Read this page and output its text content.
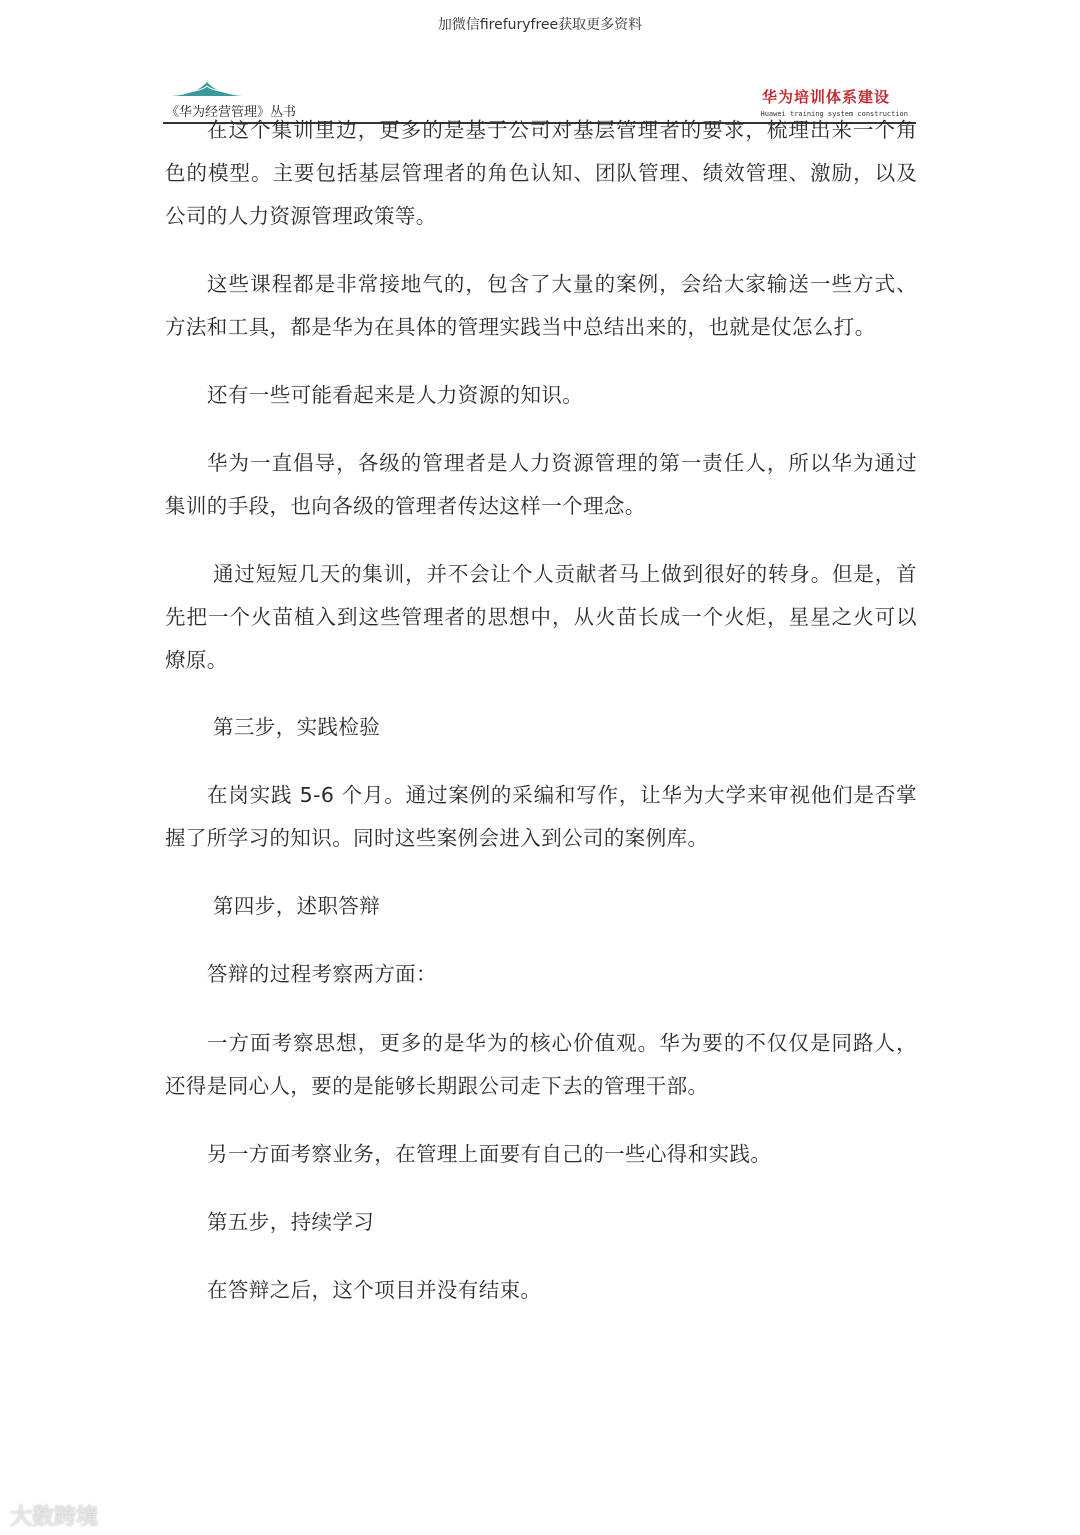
加微信firefuryfree获取更多资料
《华为经营管理》丛书
华为培训体系建设
Huawei training system construction

在这个集训里边，更多的是基于公司对基层管理者的要求，梳理出来一个角色的模型。主要包括基层管理者的角色认知、团队管理、绩效管理、激励，以及公司的人力资源管理政策等。

这些课程都是非常接地气的，包含了大量的案例，会给大家输送一些方式、方法和工具，都是华为在具体的管理实践当中总结出来的，也就是仗怎么打。

还有一些可能看起来是人力资源的知识。

华为一直倡导，各级的管理者是人力资源管理的第一责任人，所以华为通过集训的手段，也向各级的管理者传达这样一个理念。

通过短短几天的集训，并不会让个人贡献者马上做到很好的转身。但是，首先把一个火苗植入到这些管理者的思想中，从火苗长成一个火炬，星星之火可以燎原。

第三步，实践检验

在岗实践 5-6 个月。通过案例的采编和写作，让华为大学来审视他们是否掌握了所学习的知识。同时这些案例会进入到公司的案例库。

第四步，述职答辩

答辩的过程考察两方面：

一方面考察思想，更多的是华为的核心价值观。华为要的不仅仅是同路人，还得是同心人，要的是能够长期跟公司走下去的管理干部。

另一方面考察业务，在管理上面要有自己的一些心得和实践。

第五步，持续学习

在答辩之后，这个项目并没有结束。

大数跨境
